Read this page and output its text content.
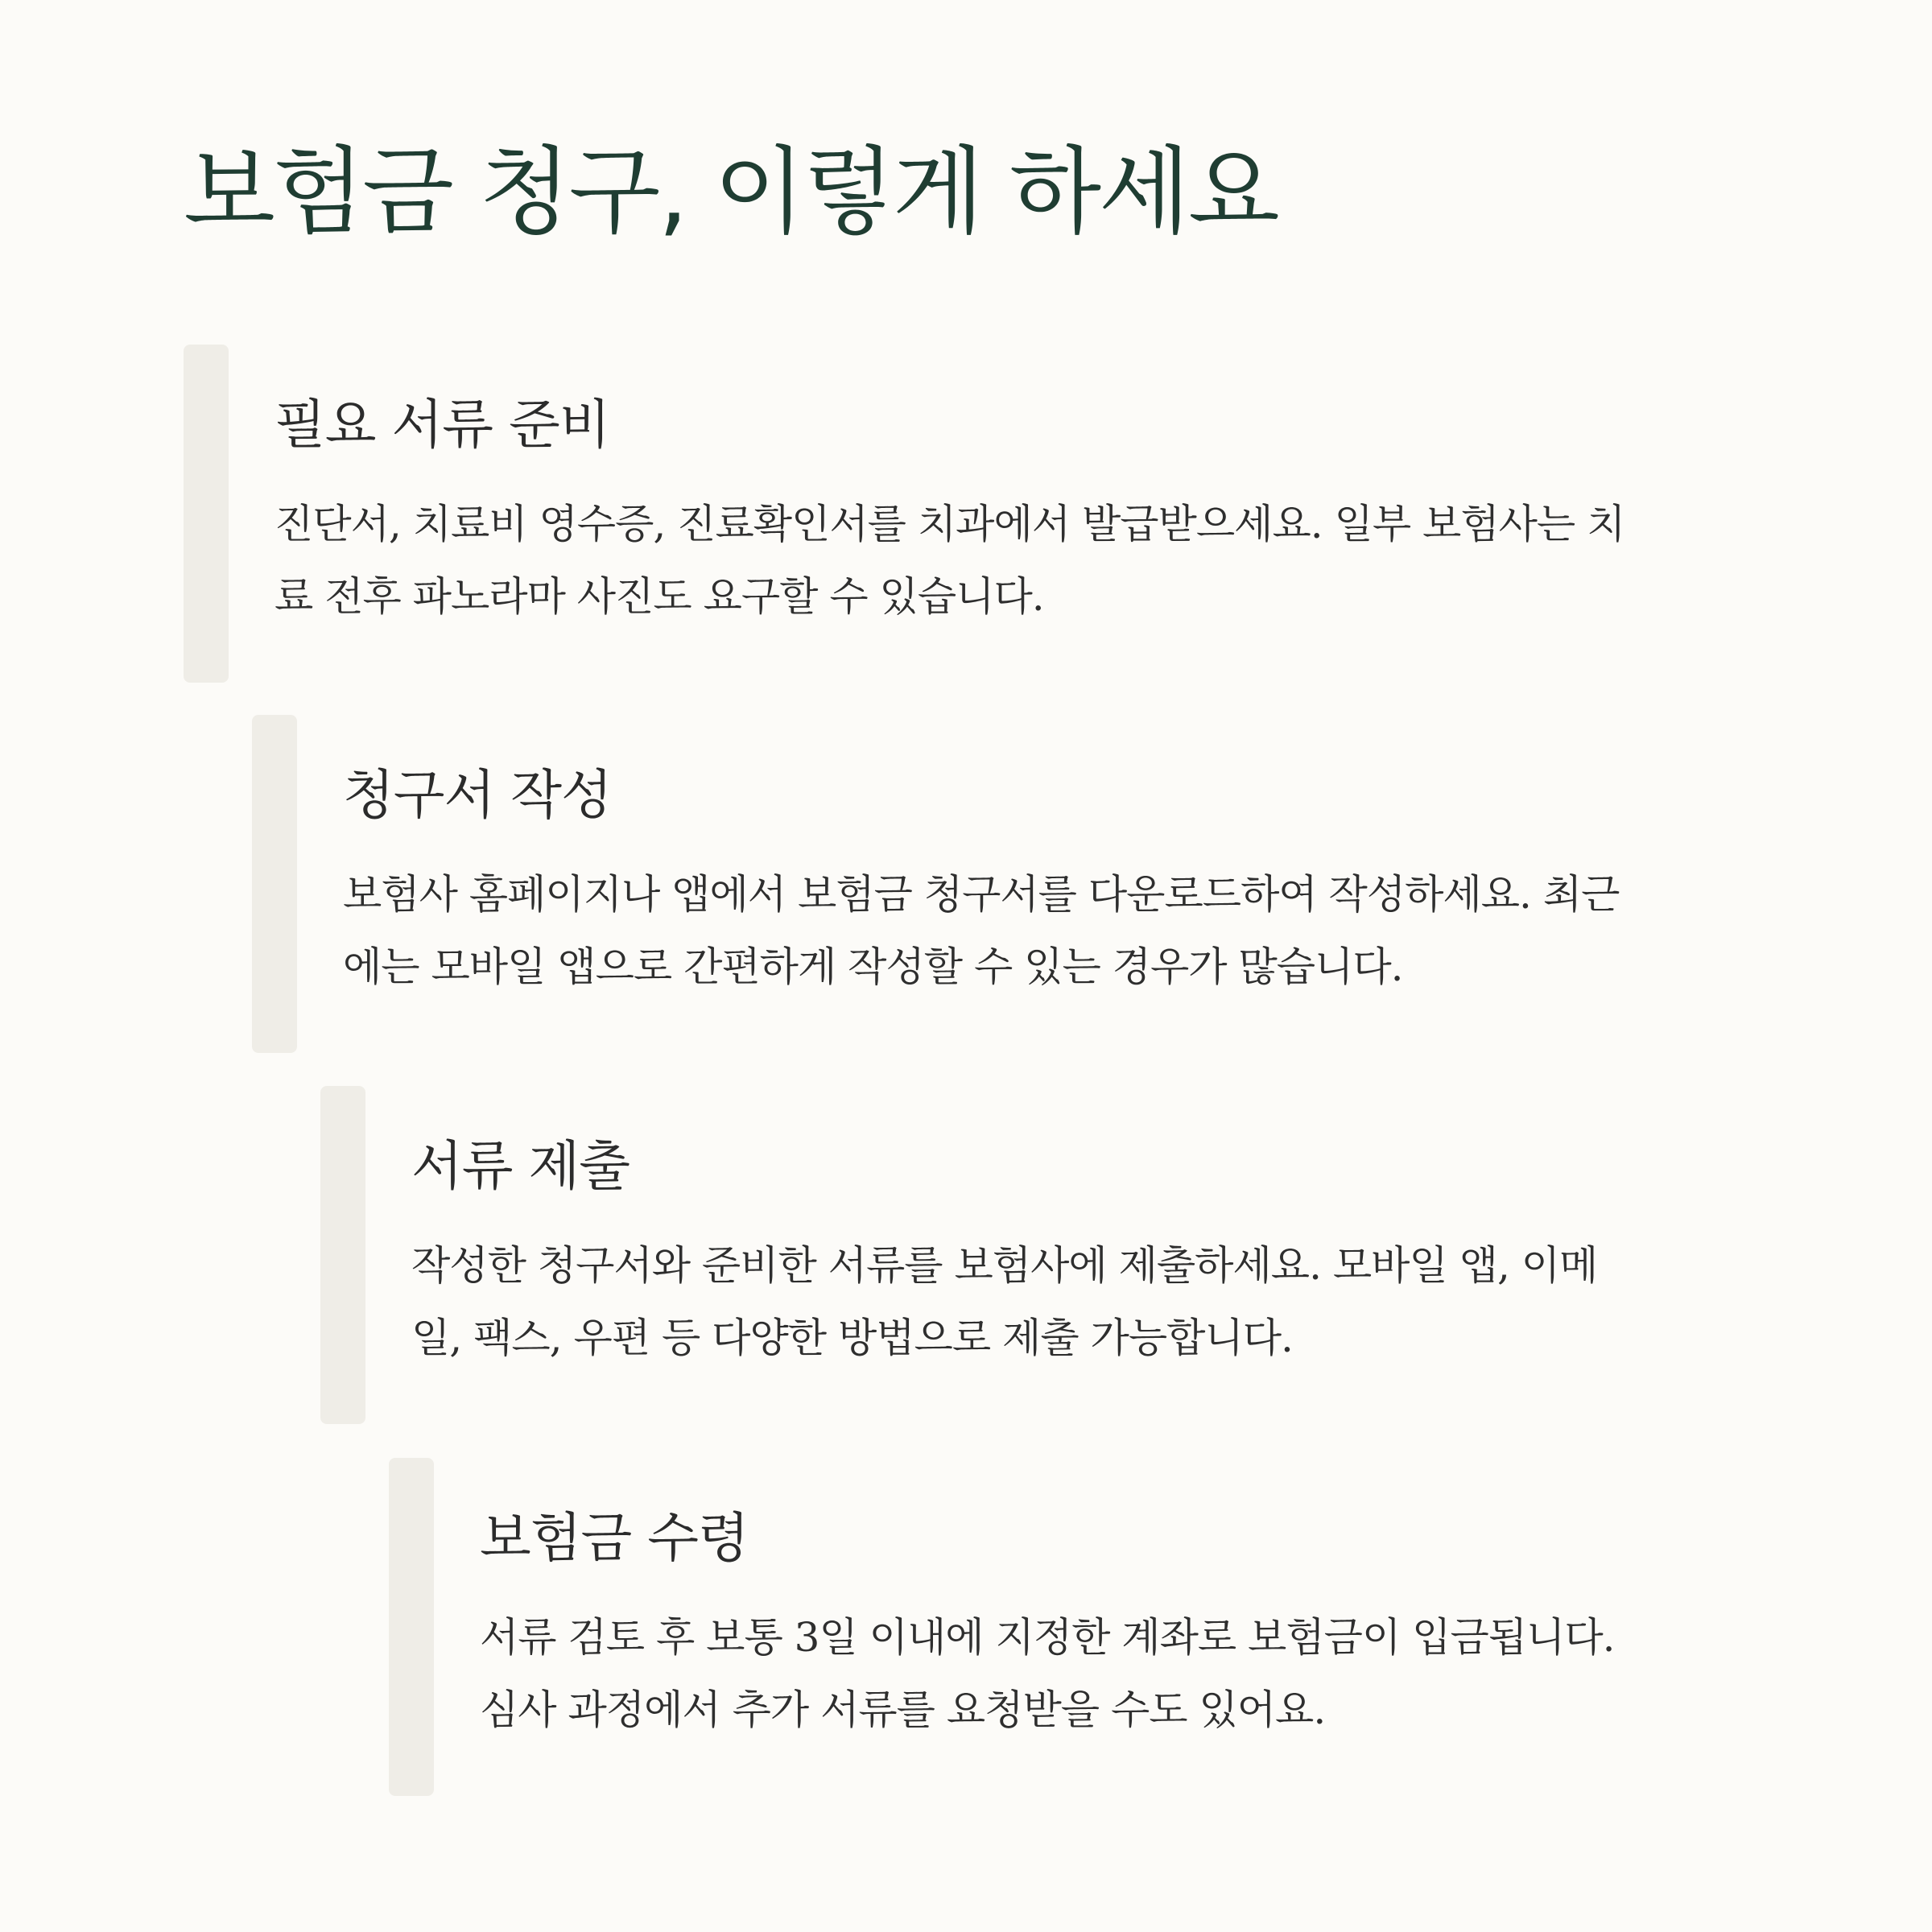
보험금 청구, 이렇게 하세요
필요 서류 준비

진단서, 치료비 영수증, 진료확인서를 치과에서 발급받으세요. 일부 보험사는 치
료 전후 파노라마 사진도 요구할 수 있습니다.

청구서 작성

보험사 홈페이지나 앱에서 보험금 청구서를 다운로드하여 작성하세요. 최근
에는 모바일 앱으로 간편하게 작성할 수 있는 경우가 많습니다.

서류 제출

작성한 청구서와 준비한 서류를 보험사에 제출하세요. 모바일 앱, 이메
일, 팩스, 우편 등 다양한 방법으로 제출 가능합니다.

보험금 수령

서류 검토 후 보통 3일 이내에 지정한 계좌로 보험금이 입금됩니다.
심사 과정에서 추가 서류를 요청받을 수도 있어요.
